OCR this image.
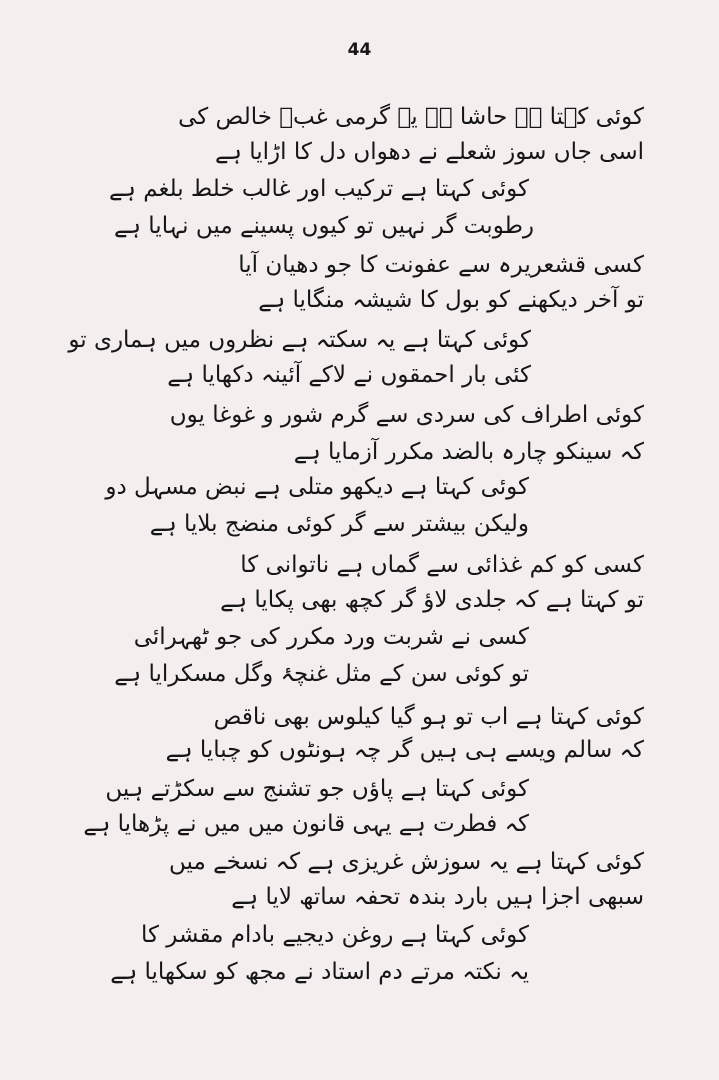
44
کوئی کہتا ہے حاشا ہے یہ گرمی غبؔ خالص کی
اسی جاں سوز شعلے نے دھواں دل کا اڑایا ہے
کوئی کہتا ہے ترکیب اور غالب خلط بلغم ہے
رطوبت گر نہیں تو کیوں پسینے میں نہایا ہے
کسی قشعریرہ سے عفونت کا جو دھیان آیا
تو آخر دیکھنے کو بول کا شیشہ منگایا ہے
کوئی کہتا ہے یہ سکتہ ہے نظروں میں ہماری تو
کئی بار احمقوں نے لاکے آئینہ دکھایا ہے
کوئی اطراف کی سردی سے گرم شور و غوغا یوں
کہ سینکو چارہ بالضد مکرر آزمایا ہے
کوئی کہتا ہے دیکھو متلی ہے نبض مسہل دو
ولیکن بیشتر سے گر کوئی منضج بلایا ہے
کسی کو کم غذائی سے گماں ہے ناتوانی کا
تو کہتا ہے کہ جلدی لاؤ گر کچھ بھی پکایا ہے
کسی نے شربت ورد مکرر کی جو ٹھہرائی
تو کوئی سن کے مثل غنچۂ وگل مسکرایا ہے
کوئی کہتا ہے اب تو ہو گیا کیلوس بھی ناقص
کہ سالم ویسے ہی ہیں گر چہ ہونٹوں کو چبایا ہے
کوئی کہتا ہے پاؤں جو تشنج سے سکڑتے ہیں
کہ فطرت ہے یہی قانون میں میں نے پڑھایا ہے
کوئی کہتا ہے یہ سوزش غریزی ہے کہ نسخے میں
سبھی اجزا ہیں بارد بندہ تحفہ ساتھ لایا ہے
کوئی کہتا ہے روغن دیجیے بادام مقشر کا
یہ نکتہ مرتے دم استاد نے مجھ کو سکھایا ہے
